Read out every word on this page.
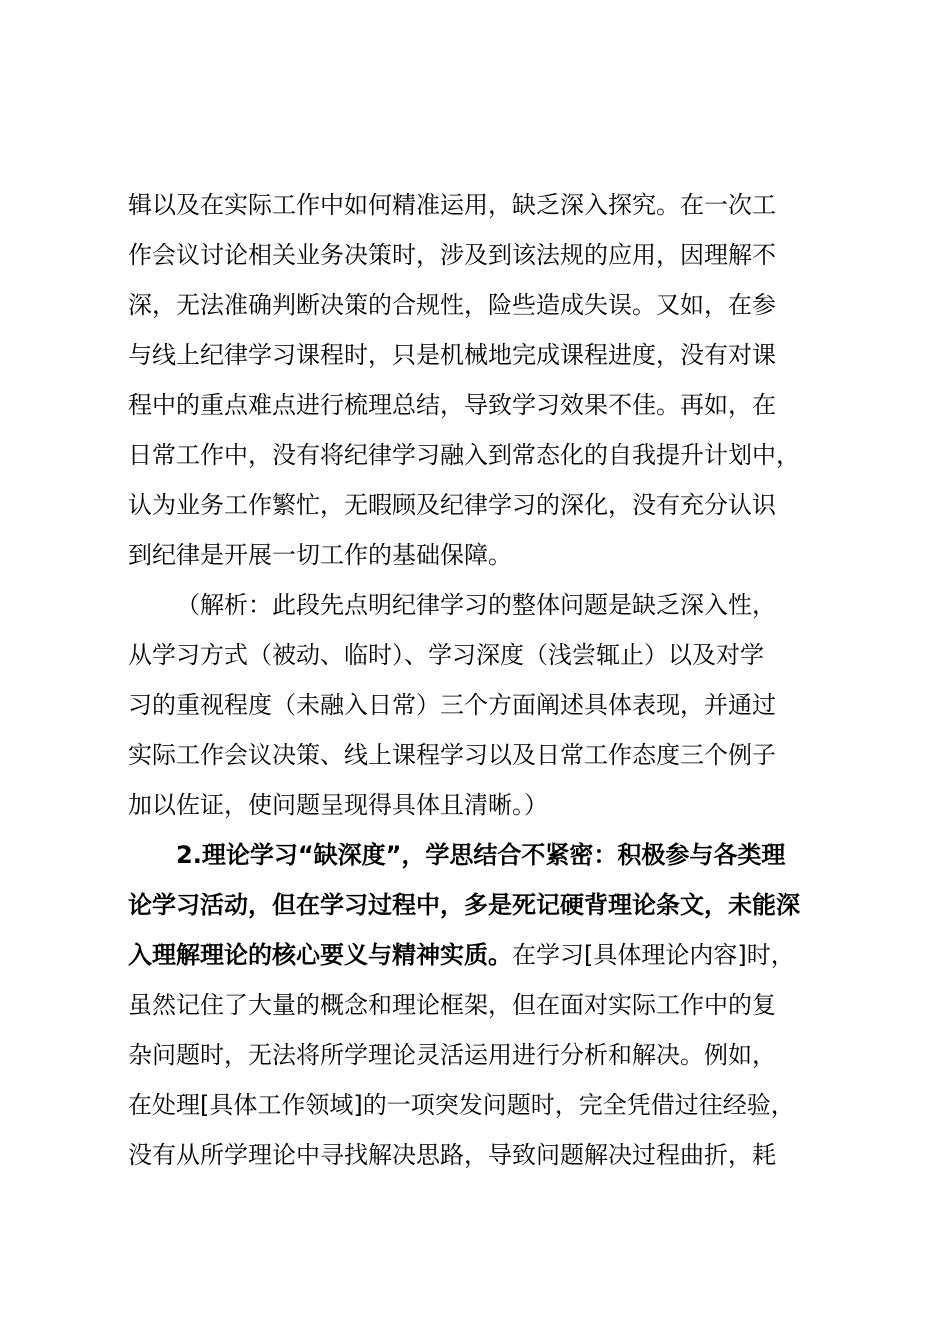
辑以及在实际工作中如何精准运用，缺乏深入探究。在一次工
作会议讨论相关业务决策时，涉及到该法规的应用，因理解不
深，无法准确判断决策的合规性，险些造成失误。又如，在参
与线上纪律学习课程时，只是机械地完成课程进度，没有对课
程中的重点难点进行梳理总结，导致学习效果不佳。再如，在
日常工作中，没有将纪律学习融入到常态化的自我提升计划中，
认为业务工作繁忙，无暇顾及纪律学习的深化，没有充分认识
到纪律是开展一切工作的基础保障。
（解析：此段先点明纪律学习的整体问题是缺乏深入性，
从学习方式（被动、临时）、学习深度（浅尝辄止）以及对学
习的重视程度（未融入日常）三个方面阐述具体表现，并通过
实际工作会议决策、线上课程学习以及日常工作态度三个例子
加以佐证，使问题呈现得具体且清晰。）
2.理论学习“缺深度”，学思结合不紧密：积极参与各类理
论学习活动，但在学习过程中，多是死记硬背理论条文，未能深
入理解理论的核心要义与精神实质。在学习[具体理论内容]时，
虽然记住了大量的概念和理论框架，但在面对实际工作中的复
杂问题时，无法将所学理论灵活运用进行分析和解决。例如，
在处理[具体工作领域]的一项突发问题时，完全凭借过往经验，
没有从所学理论中寻找解决思路，导致问题解决过程曲折，耗
